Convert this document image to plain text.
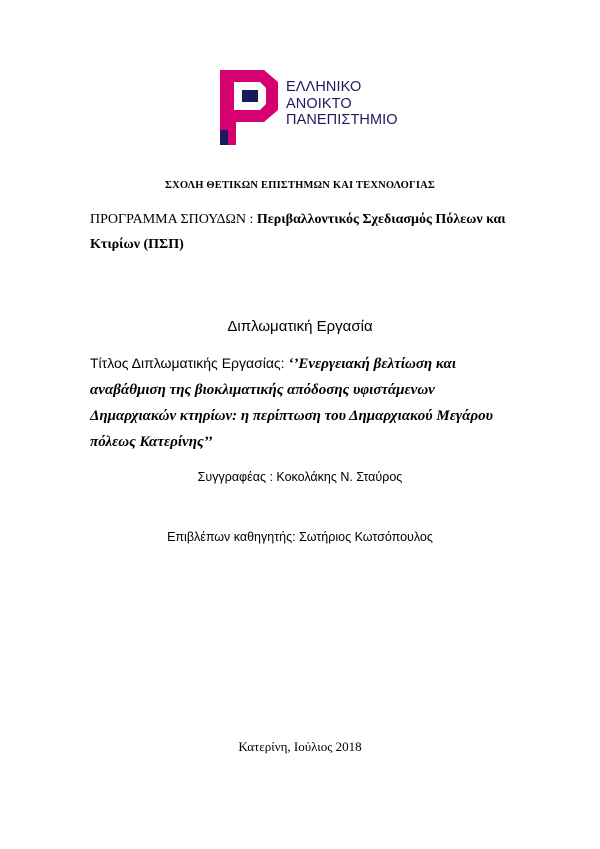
ΕΛΛΗΝΙΚΟ
ΑΝΟΙΚΤΟ
ΠΑΝΕΠΙΣΤΗΜΙΟ
ΣΧΟΛΗ ΘΕΤΙΚΩΝ ΕΠΙΣΤΗΜΩΝ ΚΑΙ ΤΕΧΝΟΛΟΓΙΑΣ
ΠΡΟΓΡΑΜΜΑ ΣΠΟΥΔΩΝ : Περιβαλλοντικός Σχεδιασμός Πόλεων και Κτιρίων (ΠΣΠ)
Διπλωματική Εργασία
Τίτλος Διπλωματικής Εργασίας: ‘’Ενεργειακή βελτίωση και αναβάθμιση της βιοκλιματικής απόδοσης υφιστάμενων Δημαρχιακών κτηρίων: η περίπτωση του Δημαρχιακού Μεγάρου πόλεως Κατερίνης’’
Συγγραφέας : Κοκολάκης Ν. Σταύρος
Επιβλέπων καθηγητής: Σωτήριος Κωτσόπουλος
Κατερίνη, Ιούλιος 2018
